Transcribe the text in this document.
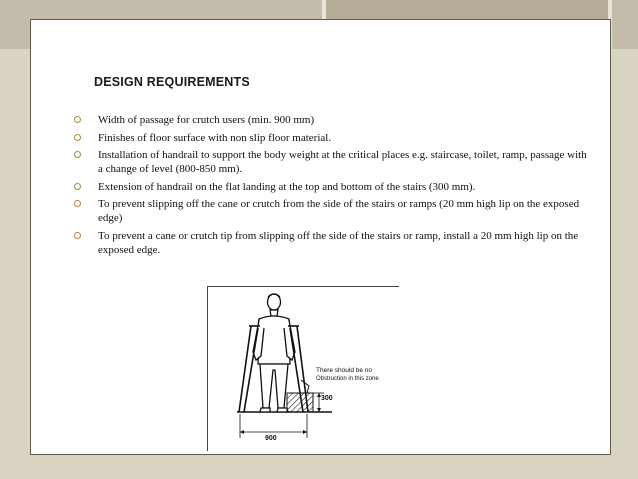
DESIGN REQUIREMENTS
Width of passage for crutch users (min. 900 mm)
Finishes of floor surface with non slip floor material.
Installation of handrail to support the body weight at the critical places e.g. staircase, toilet, ramp, passage with a change of level (800-850 mm).
Extension of handrail on the flat landing at the top and bottom of the stairs (300 mm).
To prevent slipping off the cane or crutch from the side of the stairs or ramps (20 mm high lip on the exposed edge)
To prevent a cane or crutch tip from slipping off the side of the stairs or ramp, install a 20 mm high lip on the exposed edge.
There should be no
Obstruction in this zone
300
900
